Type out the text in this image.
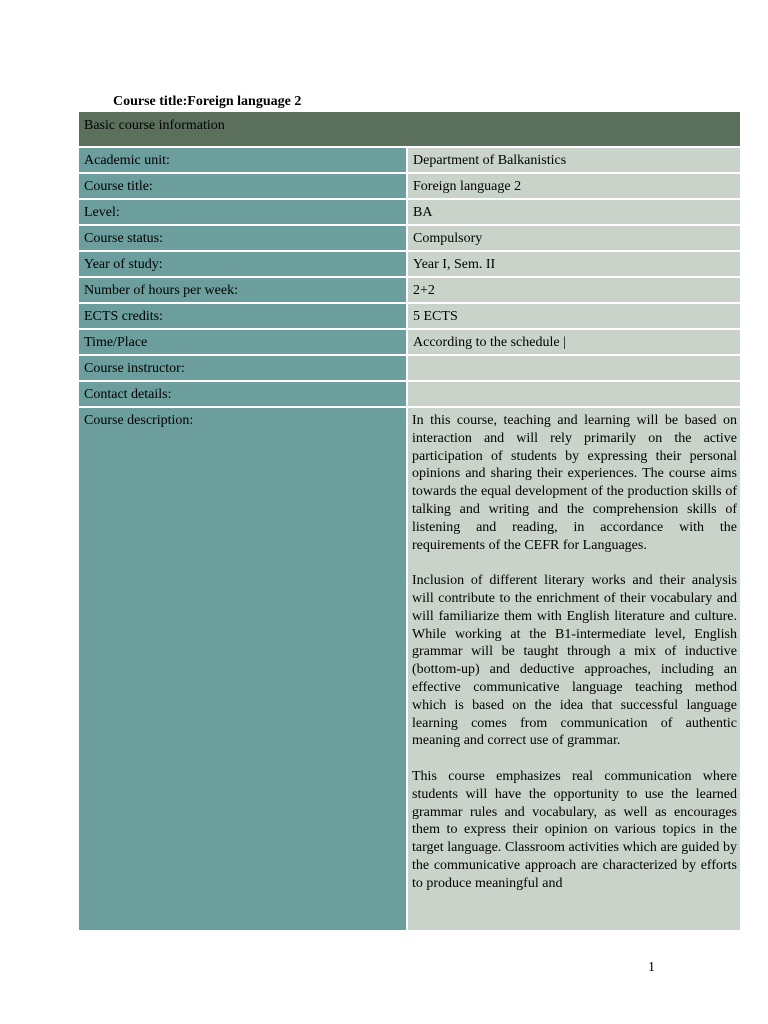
Course title:Foreign language 2
Basic course information
Academic unit:	Department of Balkanistics
Course title:	Foreign language 2
Level:	BA
Course status:	Compulsory
Year of study:	Year I, Sem. II
Number of hours per week:	2+2
ECTS credits:	5 ECTS
Time/Place	According to the schedule |
Course instructor:
Contact details:
Course description:	In this course, teaching and learning will be based on interaction and will rely primarily on the active participation of students by expressing their personal opinions and sharing their experiences. The course aims towards the equal development of the production skills of talking and writing and the comprehension skills of listening and reading, in accordance with the requirements of the CEFR for Languages.

Inclusion of different literary works and their analysis will contribute to the enrichment of their vocabulary and will familiarize them with English literature and culture. While working at the B1-intermediate level, English grammar will be taught through a mix of inductive (bottom-up) and deductive approaches, including an effective communicative language teaching method which is based on the idea that successful language learning comes from communication of authentic meaning and correct use of grammar.

This course emphasizes real communication where students will have the opportunity to use the learned grammar rules and vocabulary, as well as encourages them to express their opinion on various topics in the target language. Classroom activities which are guided by the communicative approach are characterized by efforts to produce meaningful and

1
